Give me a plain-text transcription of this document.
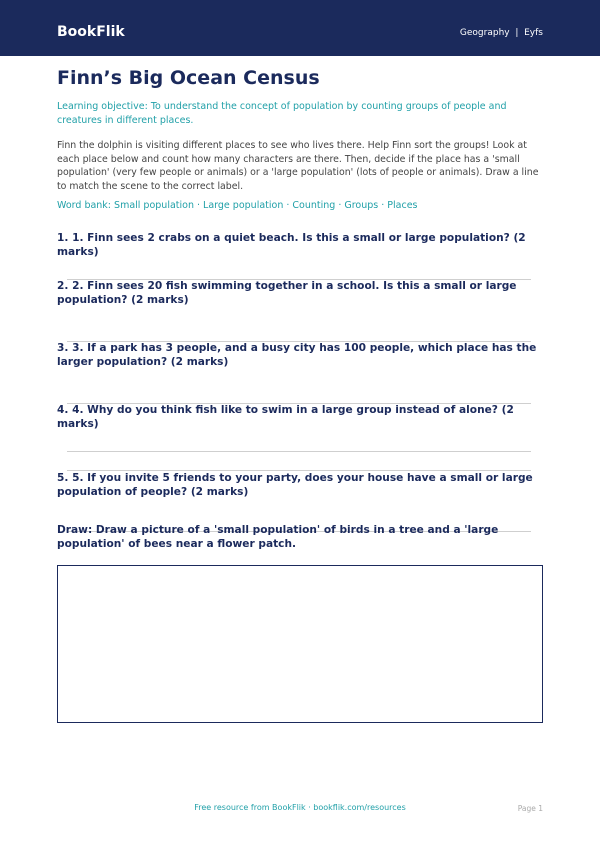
BookFlik	Geography | Eyfs
Finn’s Big Ocean Census
Learning objective: To understand the concept of population by counting groups of people and creatures in different places.
Finn the dolphin is visiting different places to see who lives there. Help Finn sort the groups! Look at each place below and count how many characters are there. Then, decide if the place has a 'small population' (very few people or animals) or a 'large population' (lots of people or animals). Draw a line to match the scene to the correct label.
Word bank: Small population · Large population · Counting · Groups · Places
1. 1. Finn sees 2 crabs on a quiet beach. Is this a small or large population? (2 marks)
2. 2. Finn sees 20 fish swimming together in a school. Is this a small or large population? (2 marks)
3. 3. If a park has 3 people, and a busy city has 100 people, which place has the larger population? (2 marks)
4. 4. Why do you think fish like to swim in a large group instead of alone? (2 marks)
5. 5. If you invite 5 friends to your party, does your house have a small or large population of people? (2 marks)
Draw: Draw a picture of a 'small population' of birds in a tree and a 'large population' of bees near a flower patch.
Free resource from BookFlik · bookflik.com/resources	Page 1
